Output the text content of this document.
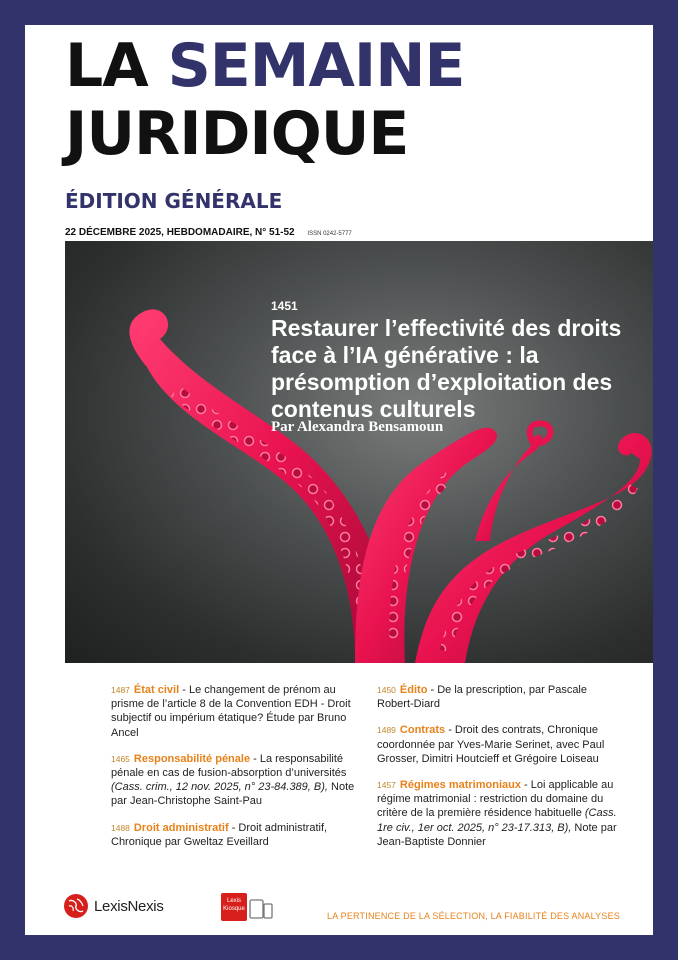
LA SEMAINE
JURIDIQUE
ÉDITION GÉNÉRALE
22 DÉCEMBRE 2025, HEBDOMADAIRE, N° 51-52 ISSN 0242-5777
1451
Restaurer l’effectivité des droits face à l’IA générative : la présomption d’exploitation des contenus culturels
Par Alexandra Bensamoun
1487 État civil - Le changement de prénom au prisme de l’article 8 de la Convention EDH - Droit subjectif ou impérium étatique? Étude par Bruno Ancel
1465 Responsabilité pénale - La responsabilité pénale en cas de fusion-absorption d’universités (Cass. crim., 12 nov. 2025, n° 23-84.389, B), Note par Jean-Christophe Saint-Pau
1488 Droit administratif - Droit administratif, Chronique par Gweltaz Eveillard
1450 Édito - De la prescription, par Pascale Robert-Diard
1489 Contrats - Droit des contrats, Chronique coordonnée par Yves-Marie Serinet, avec Paul Grosser, Dimitri Houtcieff et Grégoire Loiseau
1457 Régimes matrimoniaux - Loi applicable au régime matrimonial : restriction du domaine du critère de la première résidence habituelle (Cass. 1re civ., 1er oct. 2025, n° 23-17.313, B), Note par Jean-Baptiste Donnier
LexisNexis	Lexis
Kiosque
LA PERTINENCE DE LA SÉLECTION, LA FIABILITÉ DES ANALYSES
